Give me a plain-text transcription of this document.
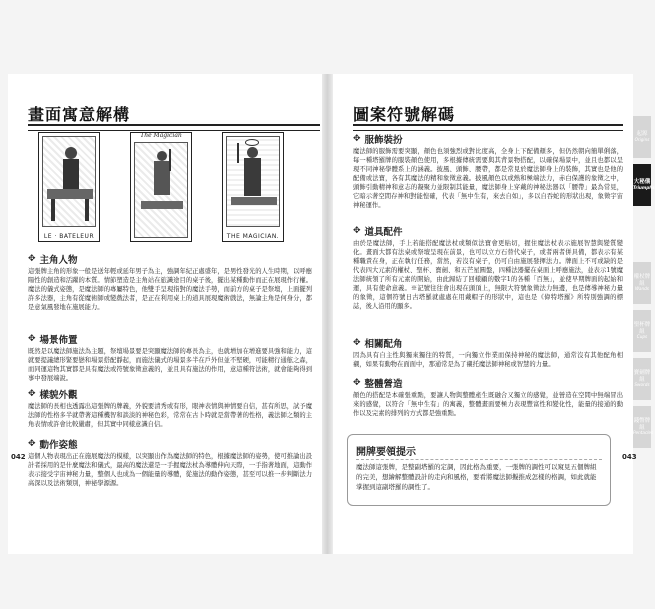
畫面寓意解構
LE · BATELEUR
The Magician
THE MAGICIAN.
✥ 主角人物
這張牌主角的形象一般是送年輕或延年男子為主，強調年紀正處盛年，是男性發光的人生時期，以呼應陽性的創造和活躍的本質。情節塑造是主角站在旅識途目的桌子後，擺出某種動作而正在展現作行權。魔法的儀式姿態，是魔法師的專屬特色，他雙手呈現指對的魔法手勢，而前方的桌子是祭壇，上面擺列許多法器，主角有從魔術師或變戲法者，是正在利用桌上的道具展現魔術戲法，無論主角是何身分，都是意氣風發地在施展能力。
✥ 場景佈置
既然是以魔法師施法為主題，祭壇場景要是突顯魔法師的專長為主，也就增加在增進要具強和能力，這就要提議總形緊要戀和場景搭配靜起，而施法儀式的場景多半在戶外但並不堅硬，可能精行通舷之森，而同運這物其實都是具有魔法或符號象徵意義的，並且具有施法的作用，意這種符法術，就會能夠得到事中發展端說。
✥ 樣貌外觀
魔法師的長相也透露出這張牌的牌義，外貌要清秀或有形，眼神表情與神情要自信，甚有所思，試予魔法師的性格多半就帶著這種機智和談淡的神秘色彩，常常在古卜時就是當帶著的性格，義法師之類的主角表情或許會比較嚴肅，但其實中同樣意識自信。
✥ 動作姿態
這個人物表現出正在施展魔法的模樣，以突顯出作為魔法師的特色，根據魔法師的姿勢，使可推論出設計者採用的是什麼魔法和儀式，最高的魔法還是一手握魔法杖為導體伸向天際，一手指著地面，這動作表示接受宇宙神秘力量，整個人也成為一個能量的導體，從施法的動作姿態，甚至可以推一步判斷法力高深以及法術類別，神祕學源源。
042
圖案符號解碼
✥ 服飾裝扮
魔法師的服飾需要突顯，顏色也須強烈或對比度高，全身上下配備顏多，但仍然朝向簡單俐落，每一種塔羅牌的服裝顏色使用，多根據傳統需要與其背景物搭配，以確保場景中，並且也都以呈現不同神秘學體系上的涵義。披風、頭飾、腰帶，都是常見於魔法師身上的裝飾，其實也是他的配備或法寶，各有其魔法的精和象徵意義。披風顏色以或熱和極端法力，赤白保護的象徵之中，頭飾引動精神和意志的凝聚力並限制其能量，魔法師身上穿戴的神秘法器以「腰帶」最為常見，它暗示著空間存神和對能惶確，代表「無中生有，來去自如」，多以自吞蛇的形狀出現，象徵宇宙神秘運作。
✥ 道具配件
由於是魔法師，手上若能搭配魔法杖或類似法寶會更貼切，握住魔法杖表示施展智慧與變質變化。畫面大都有法桌或祭壇呈現在前景，也可以立方石替代桌子，或者兩者併具備，都表示有某種職責在身，正在執行任務，當然，若沒有桌子，仍可自由施展發揮法力。牌面上不可或缺的是代表四大元素的權杖、聖杯、寶劍、和五芒星圓盤，四種法器擺在桌面上呼應施法，並表示1號魔法師統領了所有元素的開始，由此歸結了回樣顧的數字1的各種「百無」，並使早期牌面的起始和運，具有使命意義。※記號往往會出現在頭頂上，無限大符號象徵法力無邊，也是傳導神秘力量的象徵，這個符號日古塔羅就處處在用戴帽子的形狀中，這也是《偉特塔羅》所特別強調的標誌，後人沿用的顯多。
✥ 相關配角
因為具有自主性與獨來獨往的特質，一向獨立作業而保持神秘的魔法師，通常沒有其他配角相襯，如果有動物在面面中，那通常是為了襯托魔法師神秘或智慧的力量。
✥ 整體營造
顏色的搭配是本確張重點，要讓人物與整體產生既融合又獨立的感覺，並營造在空間中無端冒出來的感覺，以符合「無中生有」的寓義，整體畫面要極力表現豐富性和變化性，能量的接通的動作以及完素的排列的方式都是強重點。
開牌要領提示
魔法師這張牌，是整副塔羅的定調，因此格為重要，一張牌的調性可以窺見五個牌組的完美，想繪解整體設計的走向和風格，要看將魔法師擬推成怎樣的格調，如此就能掌握到這副塔羅的調性了。
043
起源
Origins
大秘儀
Triumphs
權杖牌組
Wands
聖杯牌組
Cups
寶劍牌組
Swords
錢幣牌組
Pentacles
